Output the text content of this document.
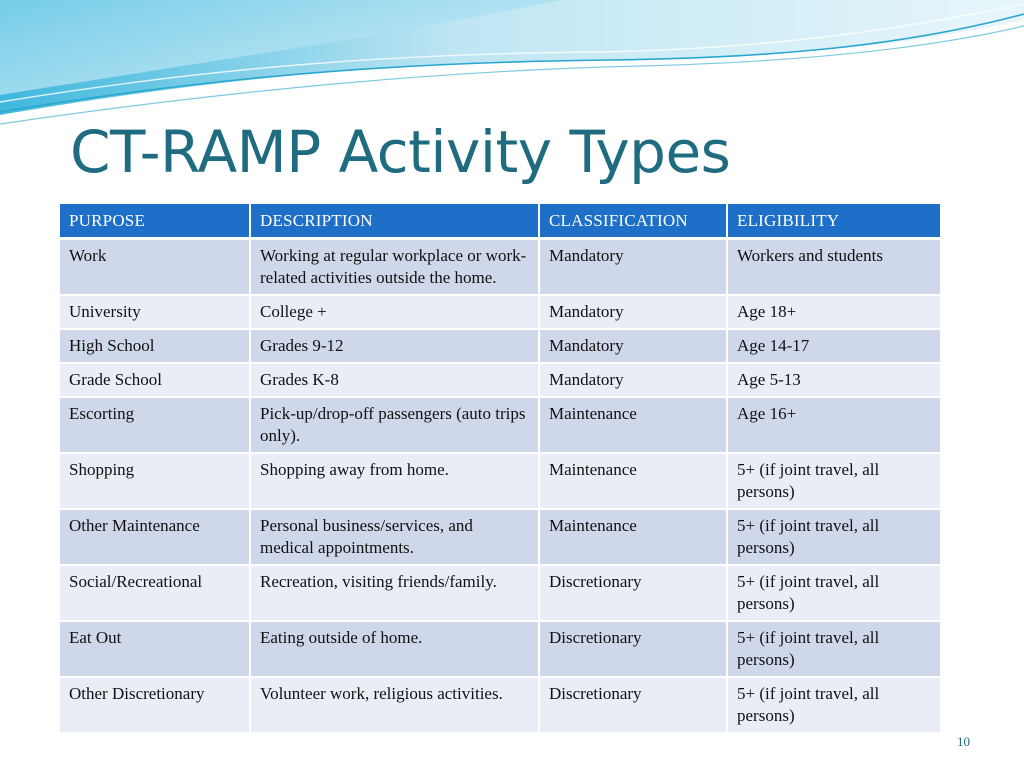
CT-RAMP Activity Types
PURPOSE	DESCRIPTION	CLASSIFICATION	ELIGIBILITY
Work	Working at regular workplace or work-related activities outside the home.	Mandatory	Workers and students
University	College +	Mandatory	Age 18+
High School	Grades 9-12	Mandatory	Age 14-17
Grade School	Grades K-8	Mandatory	Age 5-13
Escorting	Pick-up/drop-off passengers (auto trips only).	Maintenance	Age 16+
Shopping	Shopping away from home.	Maintenance	5+ (if joint travel, all persons)
Other Maintenance	Personal business/services, and medical appointments.	Maintenance	5+ (if joint travel, all persons)
Social/Recreational	Recreation, visiting friends/family.	Discretionary	5+ (if joint travel, all persons)
Eat Out	Eating outside of home.	Discretionary	5+ (if joint travel, all persons)
Other Discretionary	Volunteer work, religious activities.	Discretionary	5+ (if joint travel, all persons)
10
